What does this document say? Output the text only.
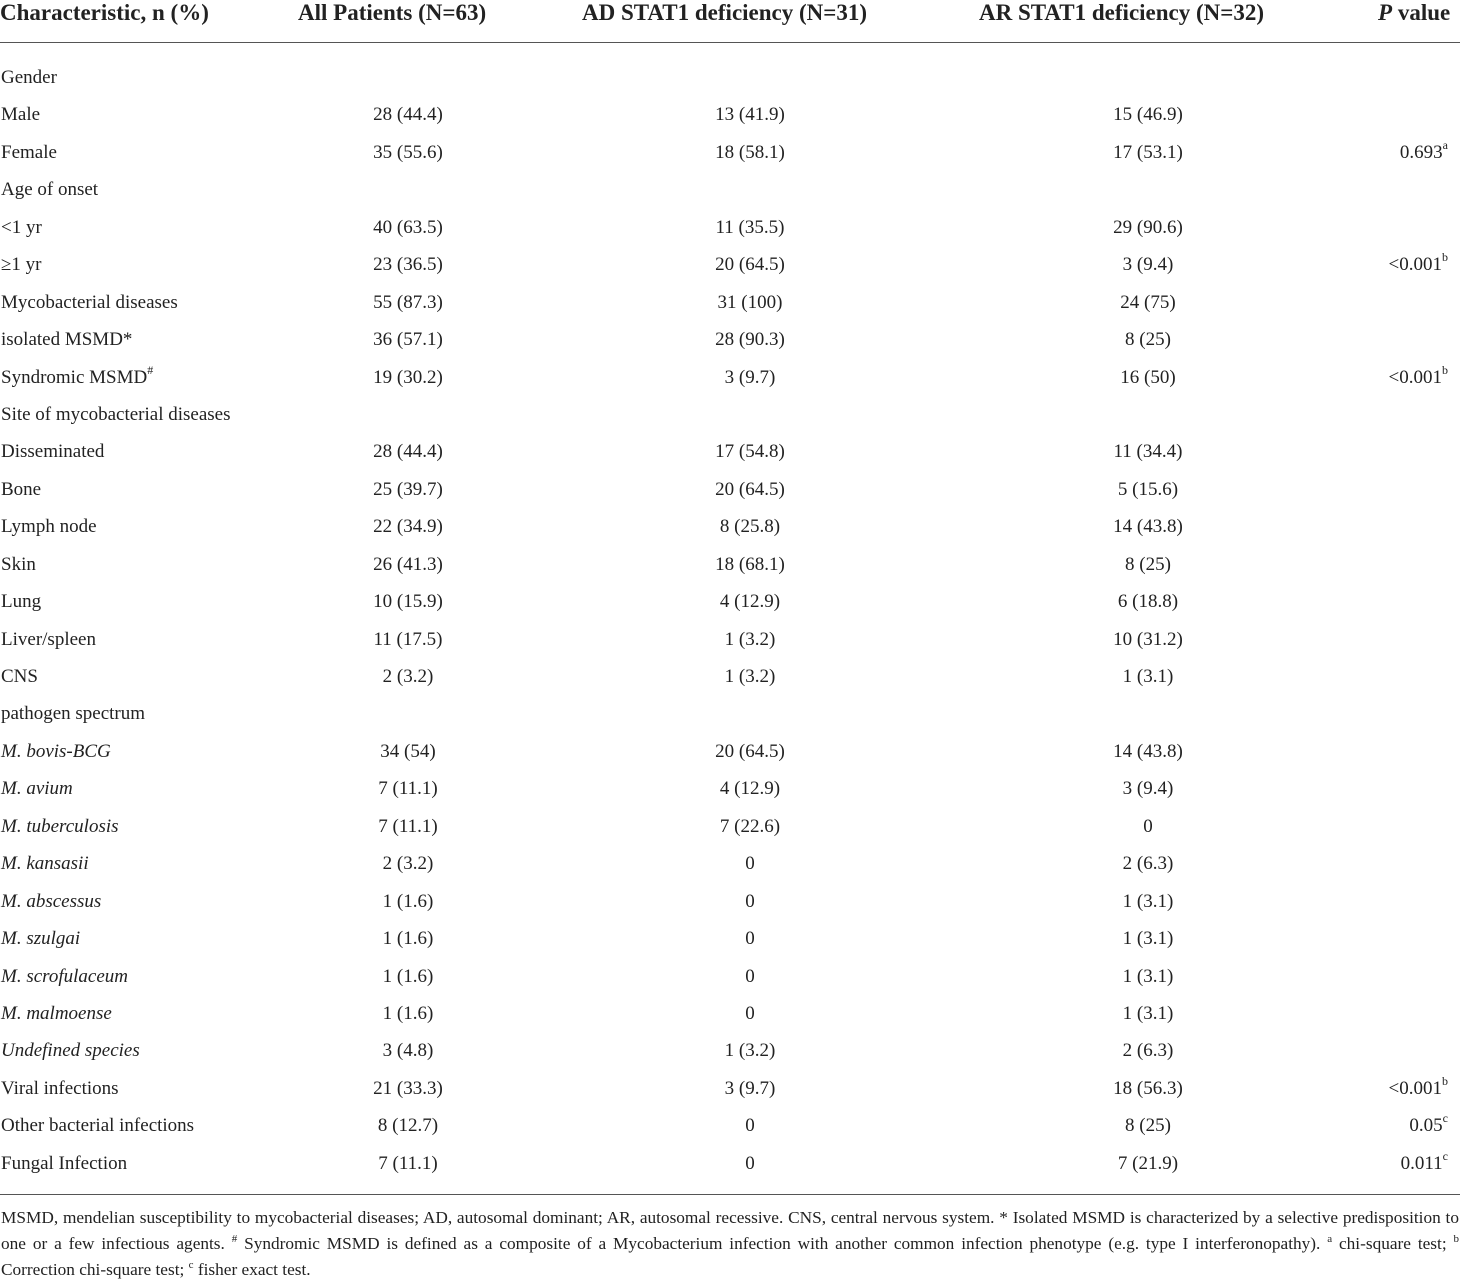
Characteristic, n (%)	All Patients (N=63)	AD STAT1 deficiency (N=31)	AR STAT1 deficiency (N=32)	P value
Gender
Male	28 (44.4)	13 (41.9)	15 (46.9)
Female	35 (55.6)	18 (58.1)	17 (53.1)	0.693$^a$
Age of onset
<1 yr	40 (63.5)	11 (35.5)	29 (90.6)
≥1 yr	23 (36.5)	20 (64.5)	3 (9.4)	<0.001$^b$
Mycobacterial diseases	55 (87.3)	31 (100)	24 (75)
isolated MSMD*	36 (57.1)	28 (90.3)	8 (25)
Syndromic MSMD#	19 (30.2)	3 (9.7)	16 (50)	<0.001$^b$
Site of mycobacterial diseases
Disseminated	28 (44.4)	17 (54.8)	11 (34.4)
Bone	25 (39.7)	20 (64.5)	5 (15.6)
Lymph node	22 (34.9)	8 (25.8)	14 (43.8)
Skin	26 (41.3)	18 (68.1)	8 (25)
Lung	10 (15.9)	4 (12.9)	6 (18.8)
Liver/spleen	11 (17.5)	1 (3.2)	10 (31.2)
CNS	2 (3.2)	1 (3.2)	1 (3.1)
pathogen spectrum
M. bovis-BCG	34 (54)	20 (64.5)	14 (43.8)
M. avium	7 (11.1)	4 (12.9)	3 (9.4)
M. tuberculosis	7 (11.1)	7 (22.6)	0
M. kansasii	2 (3.2)	0	2 (6.3)
M. abscessus	1 (1.6)	0	1 (3.1)
M. szulgai	1 (1.6)	0	1 (3.1)
M. scrofulaceum	1 (1.6)	0	1 (3.1)
M. malmoense	1 (1.6)	0	1 (3.1)
Undefined species	3 (4.8)	1 (3.2)	2 (6.3)
Viral infections	21 (33.3)	3 (9.7)	18 (56.3)	<0.001$^b$
Other bacterial infections	8 (12.7)	0	8 (25)	0.05$^c$
Fungal Infection	7 (11.1)	0	7 (21.9)	0.011$^c$
MSMD, mendelian susceptibility to mycobacterial diseases; AD, autosomal dominant; AR, autosomal recessive. CNS, central nervous system. * Isolated MSMD is characterized by a selective predisposition to one or a few infectious agents. # Syndromic MSMD is defined as a composite of a Mycobacterium infection with another common infection phenotype (e.g. type I interferonopathy). $^a$ chi-square test; $^b$ Correction chi-square test; $^c$ fisher exact test.
